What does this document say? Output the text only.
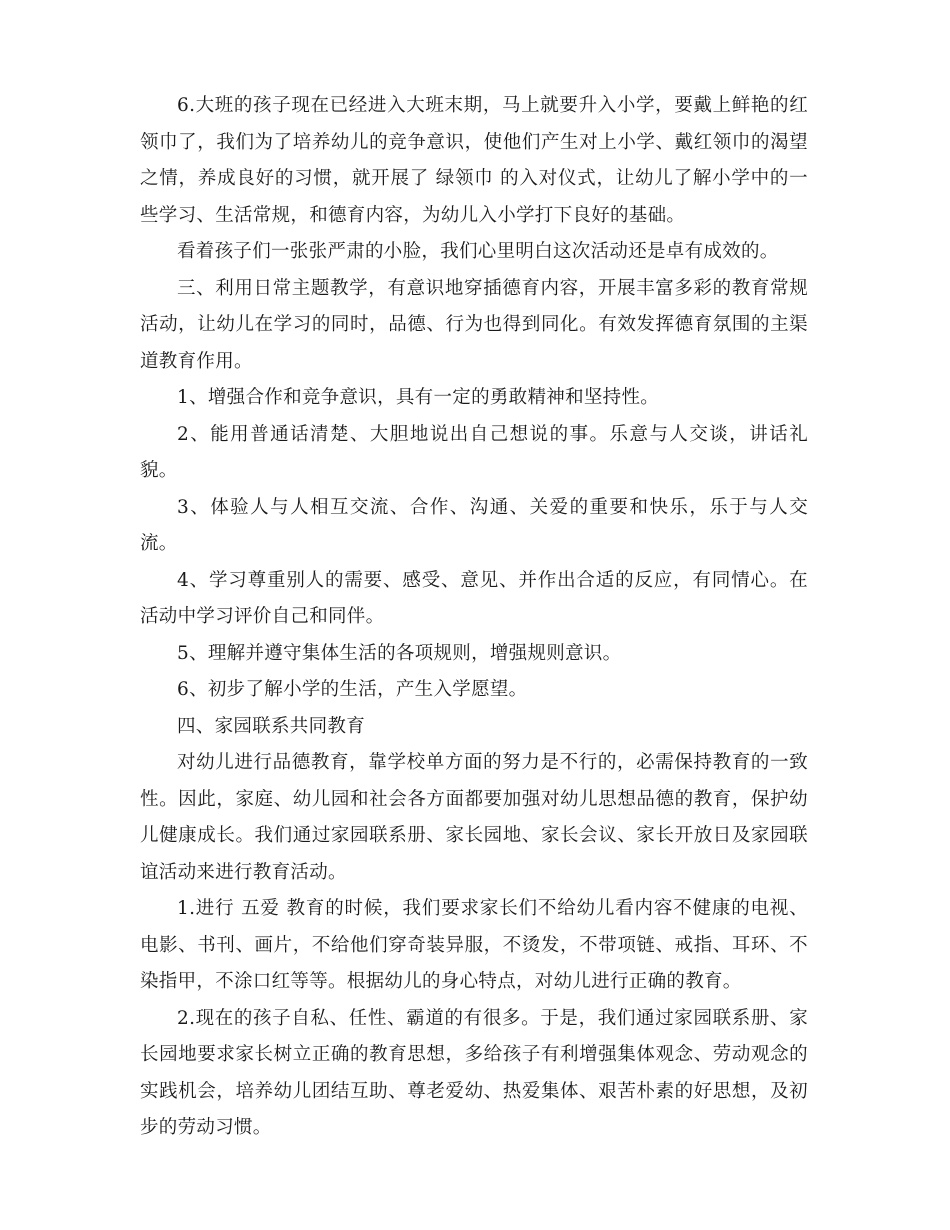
6.大班的孩子现在已经进入大班末期，马上就要升入小学，要戴上鲜艳的红领巾了，我们为了培养幼儿的竞争意识，使他们产生对上小学、戴红领巾的渴望之情，养成良好的习惯，就开展了 绿领巾 的入对仪式，让幼儿了解小学中的一些学习、生活常规，和德育内容，为幼儿入小学打下良好的基础。

看着孩子们一张张严肃的小脸，我们心里明白这次活动还是卓有成效的。

三、利用日常主题教学，有意识地穿插德育内容，开展丰富多彩的教育常规活动，让幼儿在学习的同时，品德、行为也得到同化。有效发挥德育氛围的主渠道教育作用。

1、增强合作和竞争意识，具有一定的勇敢精神和坚持性。

2、能用普通话清楚、大胆地说出自己想说的事。乐意与人交谈，讲话礼貌。

3、体验人与人相互交流、合作、沟通、关爱的重要和快乐，乐于与人交流。

4、学习尊重别人的需要、感受、意见、并作出合适的反应，有同情心。在活动中学习评价自己和同伴。

5、理解并遵守集体生活的各项规则，增强规则意识。

6、初步了解小学的生活，产生入学愿望。

四、家园联系共同教育

对幼儿进行品德教育，靠学校单方面的努力是不行的，必需保持教育的一致性。因此，家庭、幼儿园和社会各方面都要加强对幼儿思想品德的教育，保护幼儿健康成长。我们通过家园联系册、家长园地、家长会议、家长开放日及家园联谊活动来进行教育活动。

1.进行 五爱 教育的时候，我们要求家长们不给幼儿看内容不健康的电视、电影、书刊、画片，不给他们穿奇装异服，不烫发，不带项链、戒指、耳环、不染指甲，不涂口红等等。根据幼儿的身心特点，对幼儿进行正确的教育。

2.现在的孩子自私、任性、霸道的有很多。于是，我们通过家园联系册、家长园地要求家长树立正确的教育思想，多给孩子有利增强集体观念、劳动观念的实践机会，培养幼儿团结互助、尊老爱幼、热爱集体、艰苦朴素的好思想，及初步的劳动习惯。
